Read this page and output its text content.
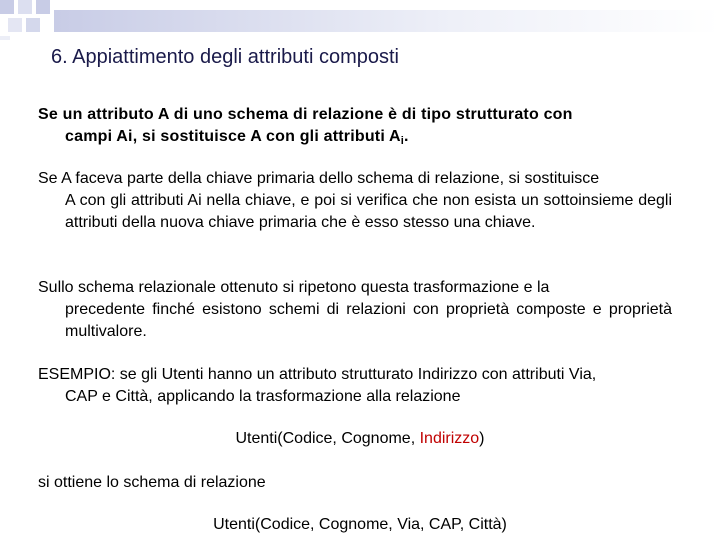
6. Appiattimento degli attributi composti

Se un attributo A di uno schema di relazione è di tipo strutturato con
campi Ai, si sostituisce A con gli attributi $A_i$.

Se A faceva parte della chiave primaria dello schema di relazione, si sostituisce
A con gli attributi Ai nella chiave, e poi si verifica che non esista un sottoinsieme degli attributi della nuova chiave primaria che è esso stesso una chiave.

Sullo schema relazionale ottenuto si ripetono questa trasformazione e la
precedente finché esistono schemi di relazioni con proprietà composte e proprietà multivalore.

ESEMPIO: se gli Utenti hanno un attributo strutturato Indirizzo con attributi Via,
CAP e Città, applicando la trasformazione alla relazione

Utenti(Codice, Cognome, Indirizzo)

si ottiene lo schema di relazione

Utenti(Codice, Cognome, Via, CAP, Città)
